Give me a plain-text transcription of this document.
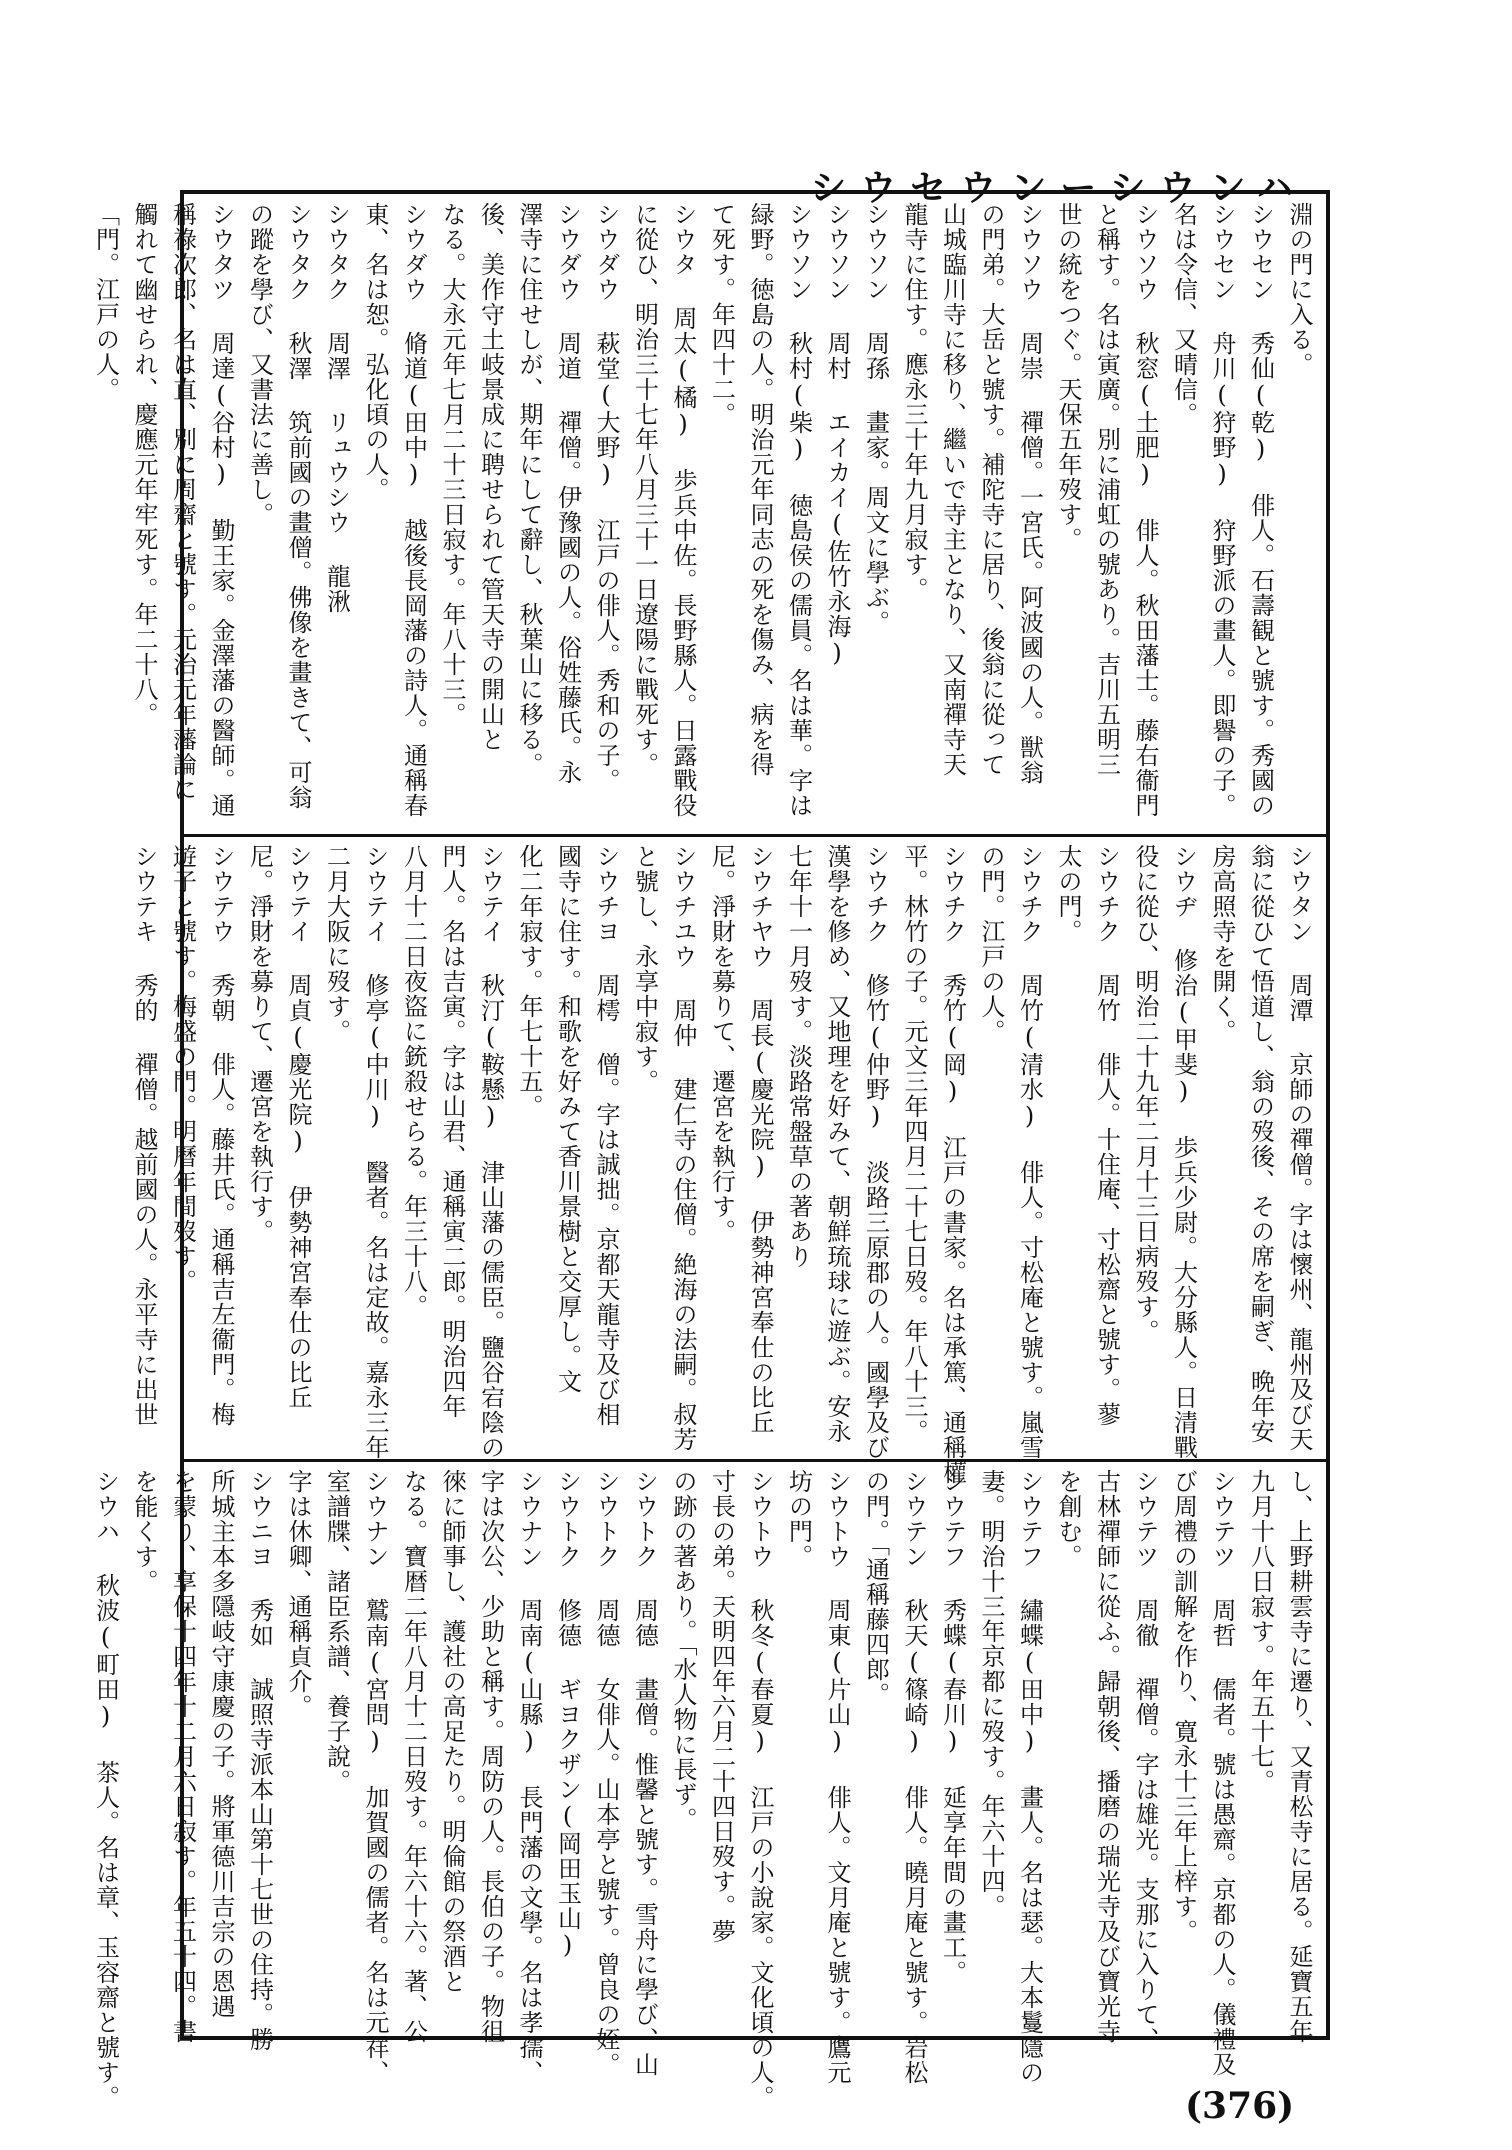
シウセウンーシウンハ
淵の門に入る。
シウセン 秀仙(乾) 俳人。石壽観と號す。秀國の
シウセン 舟川(狩野) 狩野派の畫人。即譽の子。
名は令信、又晴信。
シウソウ 秋窓(土肥) 俳人。秋田藩士。藤右衞門
と稱す。名は寅廣。別に浦虹の號あり。吉川五明三
世の統をつぐ。天保五年歿す。
シウソウ 周崇 禪僧。一宮氏。阿波國の人。獣翁
の門弟。大岳と號す。補陀寺に居り、後翁に從って
山城臨川寺に移り、繼いで寺主となり、又南禪寺天
龍寺に住す。應永三十年九月寂す。
シウソン 周孫 畫家。周文に學ぶ。
シウソン 周村 エイカイ(佐竹永海)
シウソン 秋村(柴) 徳島侯の儒員。名は華。字は
緑野。徳島の人。明治元年同志の死を傷み、病を得
て死す。年四十二。
シウタ 周太(橘) 歩兵中佐。長野縣人。日露戰役
に從ひ、明治三十七年八月三十一日遼陽に戰死す。
シウダウ 萩堂(大野) 江戸の俳人。秀和の子。
シウダウ 周道 禪僧。伊豫國の人。俗姓藤氏。永
澤寺に住せしが、期年にして辭し、秋葉山に移る。
後、美作守土岐景成に聘せられて管天寺の開山と
なる。大永元年七月二十三日寂す。年八十三。
シウダウ 脩道(田中) 越後長岡藩の詩人。通稱春
東、名は恕。弘化頃の人。
シウタク 周澤 リュウシウ 龍湫
シウタク 秋澤 筑前國の畫僧。佛像を畫きて、可翁
の蹤を學び、又書法に善し。
シウタツ 周達(谷村) 勤王家。金澤藩の醫師。通
稱祿次郎、名は直、別に周齋と號す。元治元年藩論に
觸れて幽せられ、慶應元年牢死す。年二十八。
「門。江戸の人。
シウタン 周潭 京師の禪僧。字は懷州、龍州及び天
翁に從ひて悟道し、翁の歿後、その席を嗣ぎ、晩年安
房高照寺を開く。
シウヂ 修治(甲斐) 歩兵少尉。大分縣人。日清戰
役に從ひ、明治二十九年二月十三日病歿す。
シウチク 周竹 俳人。十住庵、寸松齋と號す。蓼
太の門。
シウチク 周竹(清水) 俳人。寸松庵と號す。嵐雪
の門。江戸の人。
シウチク 秀竹(岡) 江戸の書家。名は承篤、通稱權
平。林竹の子。元文三年四月二十七日歿。年八十三。
シウチク 修竹(仲野) 淡路三原郡の人。國學及び
漢學を修め、又地理を好みて、朝鮮琉球に遊ぶ。安永
七年十一月歿す。淡路常盤草の著あり
シウチヤウ 周長(慶光院) 伊勢神宮奉仕の比丘
尼。淨財を募りて、遷宮を執行す。
シウチユウ 周仲 建仁寺の住僧。絶海の法嗣。叔芳
と號し、永享中寂す。
シウチヨ 周樗 僧。字は誠拙。京都天龍寺及び相
國寺に住す。和歌を好みて香川景樹と交厚し。文
化二年寂す。年七十五。
シウテイ 秋汀(鞍懸) 津山藩の儒臣。鹽谷宕陰の
門人。名は吉寅。字は山君、通稱寅二郎。明治四年
八月十二日夜盜に銃殺せらる。年三十八。
シウテイ 修亭(中川) 醫者。名は定故。嘉永三年
二月大阪に歿す。
シウテイ 周貞(慶光院) 伊勢神宮奉仕の比丘
尼。淨財を募りて、遷宮を執行す。
シウテウ 秀朝 俳人。藤井氏。通稱吉左衞門。梅
遊子と號す。梅盛の門。明曆年間歿す。
シウテキ 秀的 禪僧。越前國の人。永平寺に出世
し、上野耕雲寺に遷り、又青松寺に居る。延寶五年
九月十八日寂す。年五十七。
シウテツ 周哲 儒者。號は愚齋。京都の人。儀禮及
び周禮の訓解を作り、寛永十三年上梓す。
シウテツ 周徹 禪僧。字は雄光。支那に入りて、
古林禪師に從ふ。歸朝後、播磨の瑞光寺及び寶光寺
を創む。
シウテフ 繡蝶(田中) 畫人。名は瑟。大本鬘隱の
妻。明治十三年京都に歿す。年六十四。
シウテフ 秀蝶(春川) 延享年間の畫工。
シウテン 秋天(篠崎) 俳人。曉月庵と號す。岩松
の門。「通稱藤四郎。
シウトウ 周東(片山) 俳人。文月庵と號す。鷹元
坊の門。
シウトウ 秋冬(春夏) 江戸の小說家。文化頃の人。
寸長の弟。天明四年六月二十四日歿す。夢
の跡の著あり。「水人物に長ず。
シウトク 周德 畫僧。惟馨と號す。雪舟に學び、山
シウトク 周德 女俳人。山本亭と號す。曾良の姪。
シウトク 修德 ギヨクザン(岡田玉山)
シウナン 周南(山縣) 長門藩の文學。名は孝孺、
字は次公、少助と稱す。周防の人。長伯の子。物徂
徠に師事し、護社の高足たり。明倫館の祭酒と
なる。寶暦二年八月十二日歿す。年六十六。著、公
シウナン 鷲南(宮問) 加賀國の儒者。名は元祥、
室譜牒、諸臣系譜、養子說。
字は休卿、通稱貞介。
シウニヨ 秀如 誠照寺派本山第十七世の住持。勝
所城主本多隱岐守康慶の子。將軍德川吉宗の恩遇
を蒙り、享保十四年十二月六日寂す。年五十四。書
を能くす。
シウハ 秋波(町田) 茶人。名は章、玉容齋と號す。	(376)
